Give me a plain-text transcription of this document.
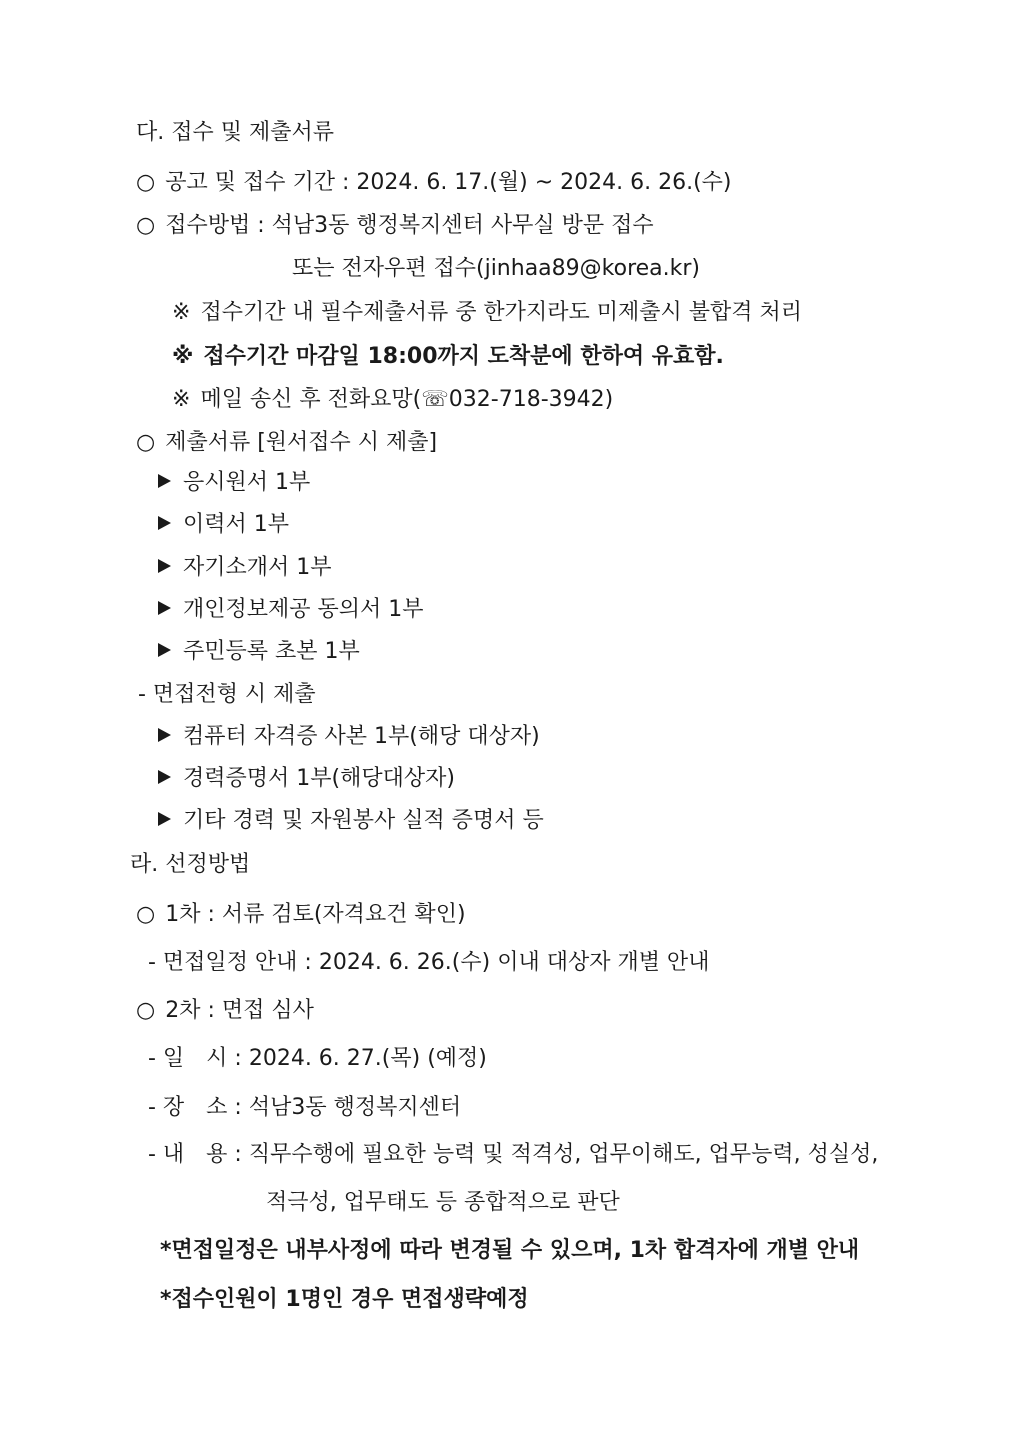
다. 접수 및 제출서류
○ 공고 및 접수 기간 : 2024. 6. 17.(월) ~ 2024. 6. 26.(수)
○ 접수방법 : 석남3동 행정복지센터 사무실 방문 접수
또는 전자우편 접수(jinhaa89@korea.kr)
※ 접수기간 내 필수제출서류 중 한가지라도 미제출시 불합격 처리
※ 접수기간 마감일 18:00까지 도착분에 한하여 유효함.
※ 메일 송신 후 전화요망(☏032-718-3942)
○ 제출서류 [원서접수 시 제출]
응시원서 1부
이력서 1부
자기소개서 1부
개인정보제공 동의서 1부
주민등록 초본 1부
- 면접전형 시 제출
컴퓨터 자격증 사본 1부(해당 대상자)
경력증명서 1부(해당대상자)
기타 경력 및 자원봉사 실적 증명서 등
라. 선정방법
○ 1차 : 서류 검토(자격요건 확인)
- 면접일정 안내 : 2024. 6. 26.(수) 이내 대상자 개별 안내
○ 2차 : 면접 심사
- 일　시 : 2024. 6. 27.(목) (예정)
- 장　소 : 석남3동 행정복지센터
- 내　용 : 직무수행에 필요한 능력 및 적격성, 업무이해도, 업무능력, 성실성,
적극성, 업무태도 등 종합적으로 판단
*면접일정은 내부사정에 따라 변경될 수 있으며, 1차 합격자에 개별 안내
*접수인원이 1명인 경우 면접생략예정
